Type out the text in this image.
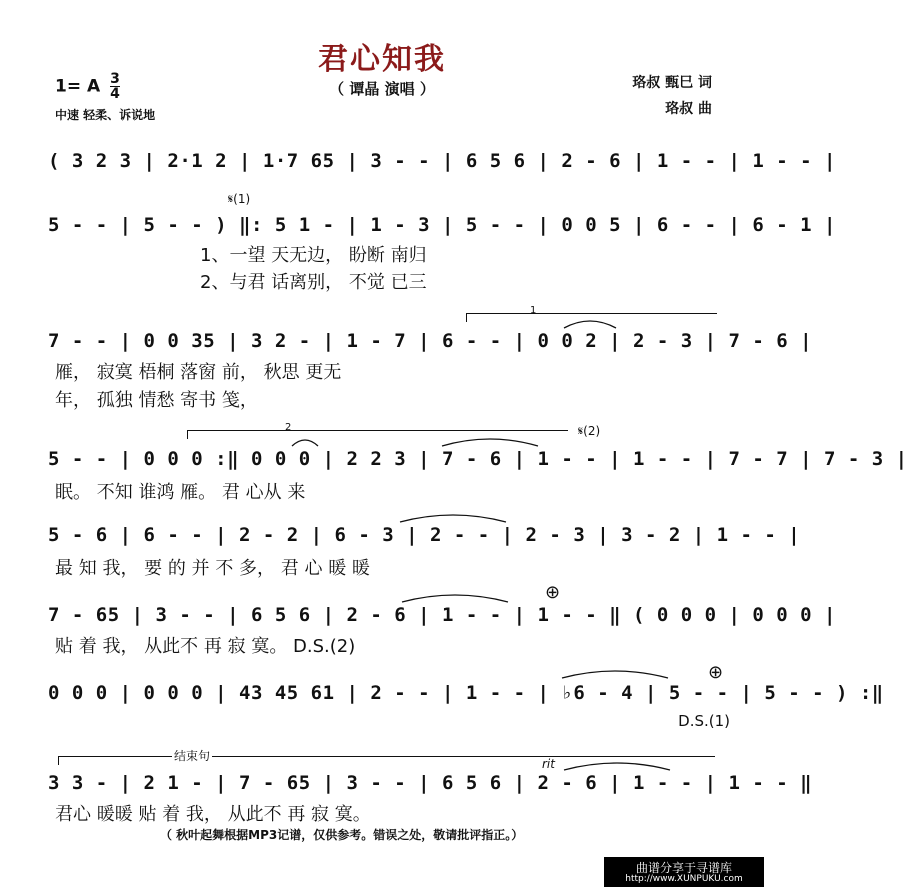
君心知我
（ 谭晶 演唱 ）
1= A $\frac{3}{4}$
中速 轻柔、诉说地
珞叔 甄巳 词
珞叔 曲
( 3 2 3 | 2·1 2 | 1·7 65 | 3 - - | 6 5 6 | 2 - 6 | 1 - - | 1 - - |
𝄋(1)
5 - - | 5 - - ) ‖: 5 1 - | 1 - 3 | 5 - - | 0 0 5 | 6 - - | 6 - 1 |
1、一望 天无边， 盼断 南归
2、与君 话离别， 不觉 已三
1
7 - - | 0 0 35 | 3 2 - | 1 - 7 | 6 - - | 0 0 2 | 2 - 3 | 7 - 6 |
雁， 寂寞 梧桐 落窗 前， 秋思 更无
年， 孤独 情愁 寄书 笺，
2	𝄋(2)
5 - - | 0 0 0 :‖ 0 0 0 | 2 2 3 | 7 - 6 | 1 - - | 1 - - | 7 - 7 | 7 - 3 |
眠。 不知 谁鸿 雁。 君 心从 来
5 - 6 | 6 - - | 2 - 2 | 6 - 3 | 2 - - | 2 - 3 | 3 - 2 | 1 - - |
最 知 我， 要 的 并 不 多， 君 心 暖 暖
7 - 65 | 3 - - | 6 5 6 | 2 - 6 | 1 - - | 1 - - ‖ ( 0 0 0 | 0 0 0 |
贴 着 我， 从此不 再 寂 寞。 D.S.(2)
⊕
0 0 0 | 0 0 0 | 43 45 61 | 2 - - | 1 - - | ♭6 - 4 | 5 - - | 5 - - ) :‖
⊕
D.S.(1)
结束句
rit
3 3 - | 2 1 - | 7 - 65 | 3 - - | 6 5 6 | 2 - 6 | 1 - - | 1 - - ‖
君心 暖暖 贴 着 我， 从此不 再 寂 寞。
（ 秋叶起舞根据MP3记谱，仅供参考。错误之处，敬请批评指正。）
曲谱分享于寻谱库
http://www.XUNPUKU.com
